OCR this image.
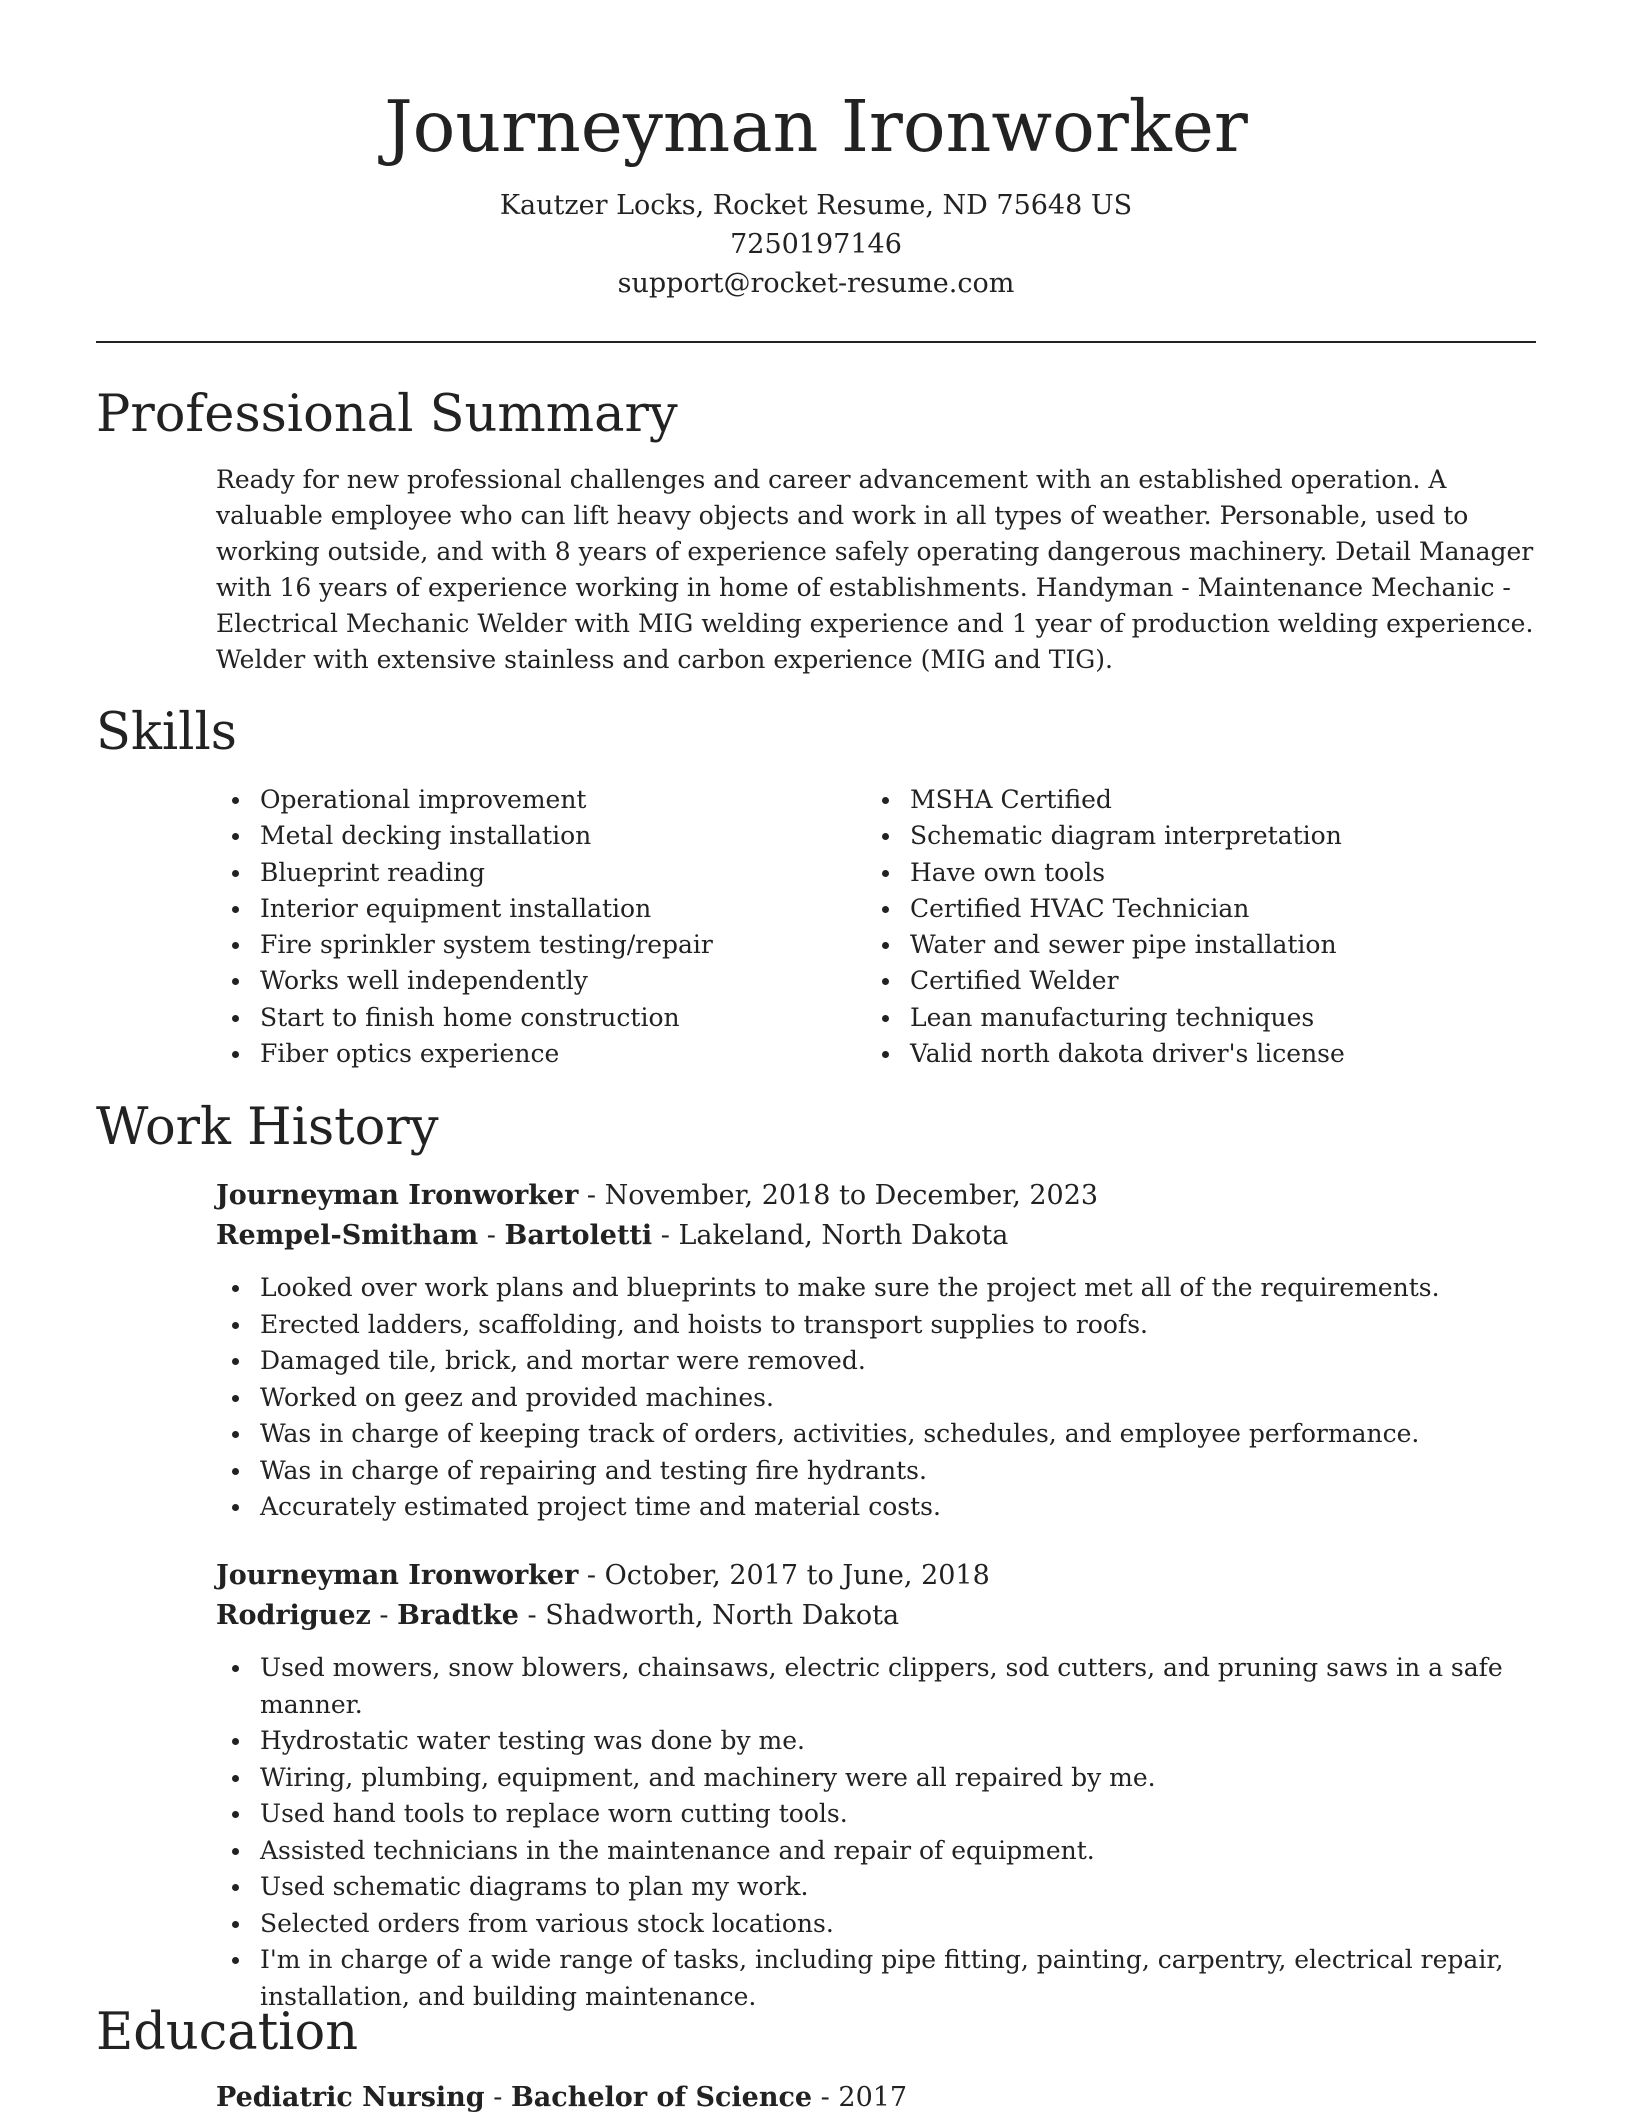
Journeyman Ironworker
Kautzer Locks, Rocket Resume, ND 75648 US
7250197146
support@rocket-resume.com
Professional Summary

Ready for new professional challenges and career advancement with an established operation. A valuable employee who can lift heavy objects and work in all types of weather. Personable, used to working outside, and with 8 years of experience safely operating dangerous machinery. Detail Manager with 16 years of experience working in home of establishments. Handyman - Maintenance Mechanic - Electrical Mechanic Welder with MIG welding experience and 1 year of production welding experience. Welder with extensive stainless and carbon experience (MIG and TIG).

Skills
Operational improvement
Metal decking installation
Blueprint reading
Interior equipment installation
Fire sprinkler system testing/repair
Works well independently
Start to finish home construction
Fiber optics experience
MSHA Certified
Schematic diagram interpretation
Have own tools
Certified HVAC Technician
Water and sewer pipe installation
Certified Welder
Lean manufacturing techniques
Valid north dakota driver's license
Work History
Journeyman Ironworker - November, 2018 to December, 2023
Rempel-Smitham - Bartoletti - Lakeland, North Dakota
Looked over work plans and blueprints to make sure the project met all of the requirements.
Erected ladders, scaffolding, and hoists to transport supplies to roofs.
Damaged tile, brick, and mortar were removed.
Worked on geez and provided machines.
Was in charge of keeping track of orders, activities, schedules, and employee performance.
Was in charge of repairing and testing fire hydrants.
Accurately estimated project time and material costs.
Journeyman Ironworker - October, 2017 to June, 2018
Rodriguez - Bradtke - Shadworth, North Dakota
Used mowers, snow blowers, chainsaws, electric clippers, sod cutters, and pruning saws in a safe manner.
Hydrostatic water testing was done by me.
Wiring, plumbing, equipment, and machinery were all repaired by me.
Used hand tools to replace worn cutting tools.
Assisted technicians in the maintenance and repair of equipment.
Used schematic diagrams to plan my work.
Selected orders from various stock locations.
I'm in charge of a wide range of tasks, including pipe fitting, painting, carpentry, electrical repair, installation, and building maintenance.
Education
Pediatric Nursing - Bachelor of Science - 2017
